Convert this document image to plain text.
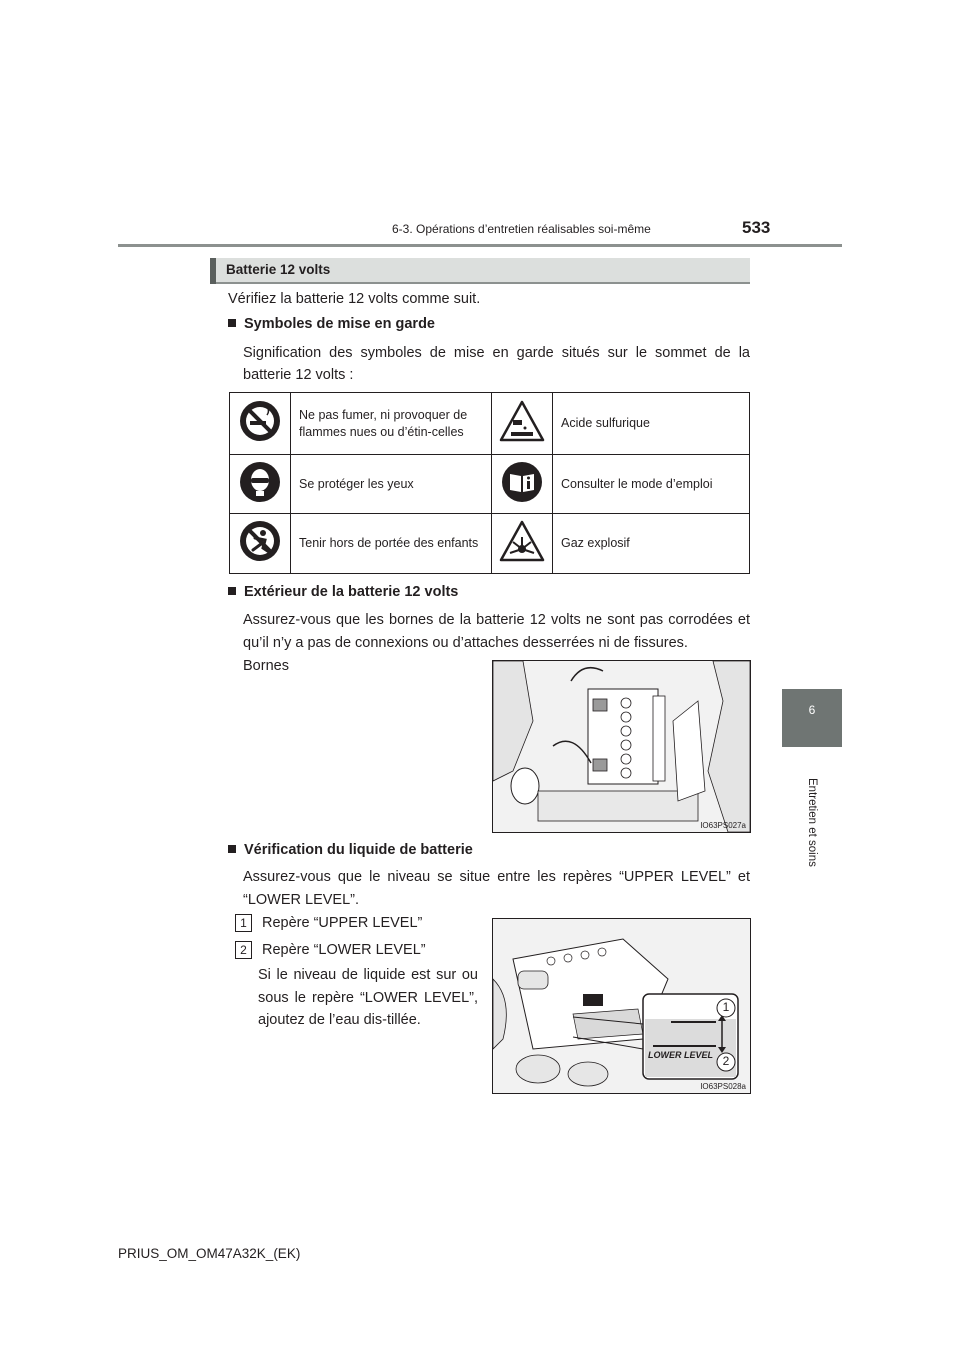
6-3. Opérations d’entretien réalisables soi-même	533
6
Entretien et soins
Batterie 12 volts
Vérifiez la batterie 12 volts comme suit.
Symboles de mise en garde
Signification des symboles de mise en garde situés sur le sommet de la batterie 12 volts :
	Ne pas fumer, ni provoquer de flammes nues ou d’étin-celles		Acide sulfurique
	Se protéger les yeux		Consulter le mode d’emploi
	Tenir hors de portée des enfants		Gaz explosif
Extérieur de la batterie 12 volts
Assurez-vous que les bornes de la batterie 12 volts ne sont pas corrodées et qu’il n’y a pas de connexions ou d’attaches desserrées ni de fissures.
Bornes
IO63PS027a
Vérification du liquide de batterie
Assurez-vous que le niveau se situe entre les repères “UPPER LEVEL” et “LOWER LEVEL”.
1 Repère “UPPER LEVEL”
2 Repère “LOWER LEVEL”
Si le niveau de liquide est sur ou sous le repère “LOWER LEVEL”, ajoutez de l’eau dis-tillée.
LOWER LEVEL
1
2
IO63PS028a
PRIUS_OM_OM47A32K_(EK)
